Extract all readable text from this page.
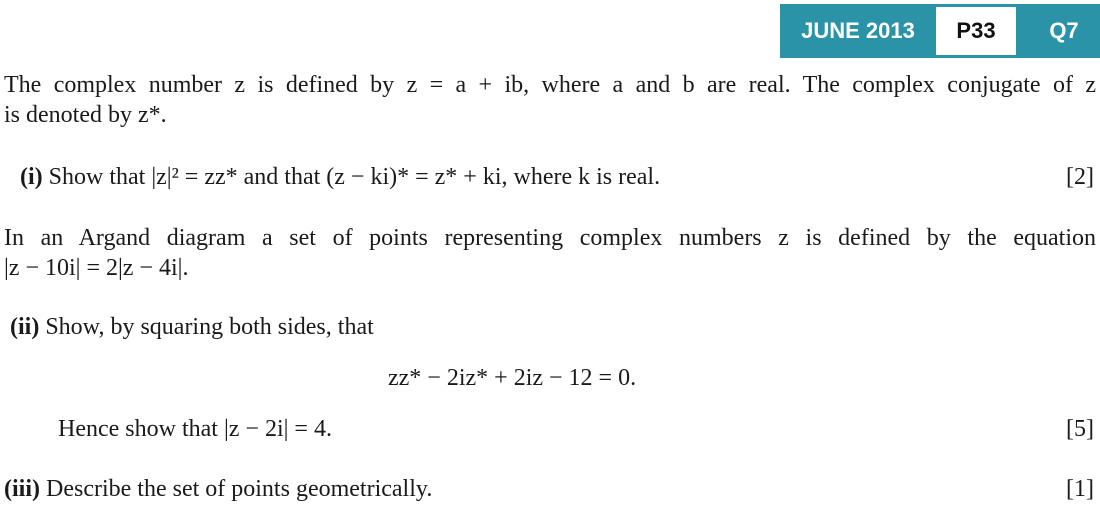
JUNE 2013	P33	Q7
The complex number z is defined by z = a + ib, where a and b are real. The complex conjugate of z
is denoted by z*.
(i) Show that |z|² = zz* and that (z − ki)* = z* + ki, where k is real.	[2]
In an Argand diagram a set of points representing complex numbers z is defined by the equation
|z − 10i| = 2|z − 4i|.
(ii) Show, by squaring both sides, that
zz* − 2iz* + 2iz − 12 = 0.
Hence show that |z − 2i| = 4.	[5]
(iii) Describe the set of points geometrically.	[1]
